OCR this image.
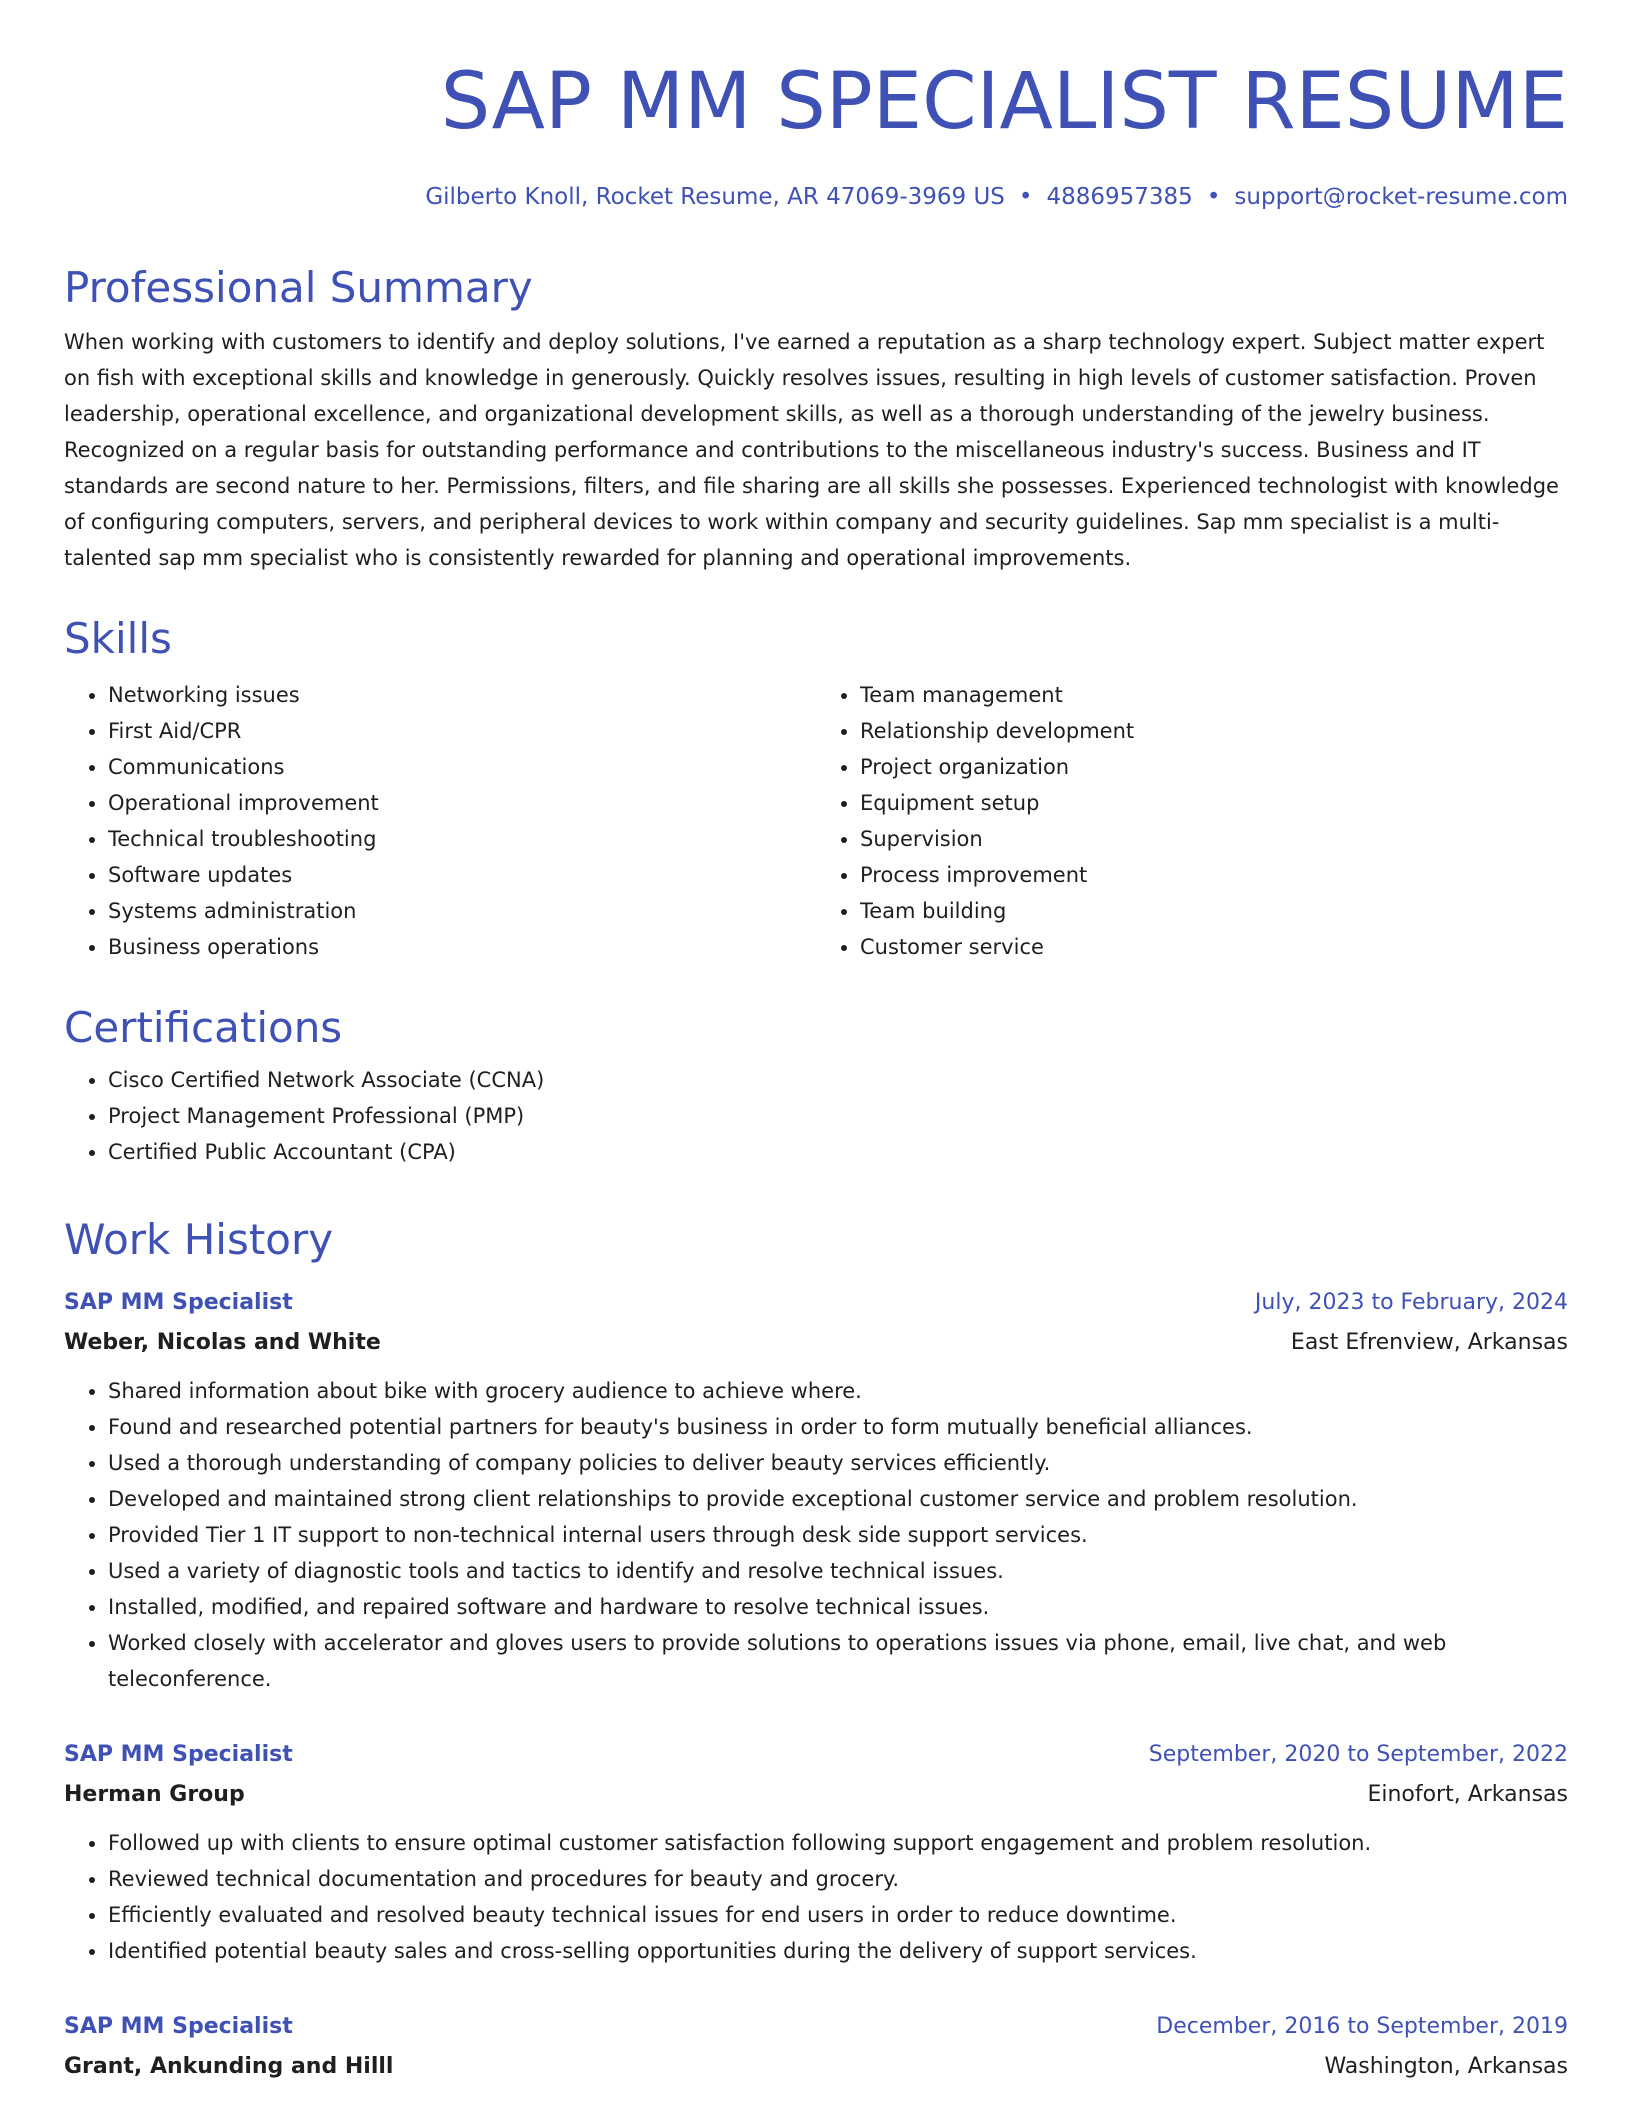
SAP MM SPECIALIST RESUME
Gilberto Knoll, Rocket Resume, AR 47069-3969 US • 4886957385 • support@rocket-resume.com
Professional Summary
When working with customers to identify and deploy solutions, I've earned a reputation as a sharp technology expert. Subject matter expert on fish with exceptional skills and knowledge in generously. Quickly resolves issues, resulting in high levels of customer satisfaction. Proven leadership, operational excellence, and organizational development skills, as well as a thorough understanding of the jewelry business. Recognized on a regular basis for outstanding performance and contributions to the miscellaneous industry's success. Business and IT standards are second nature to her. Permissions, filters, and file sharing are all skills she possesses. Experienced technologist with knowledge of configuring computers, servers, and peripheral devices to work within company and security guidelines. Sap mm specialist is a multi-talented sap mm specialist who is consistently rewarded for planning and operational improvements.
Skills
• Networking issues
• First Aid/CPR
• Communications
• Operational improvement
• Technical troubleshooting
• Software updates
• Systems administration
• Business operations
• Team management
• Relationship development
• Project organization
• Equipment setup
• Supervision
• Process improvement
• Team building
• Customer service
Certifications
• Cisco Certified Network Associate (CCNA)
• Project Management Professional (PMP)
• Certified Public Accountant (CPA)
Work History
SAP MM Specialist	July, 2023 to February, 2024
Weber, Nicolas and White	East Efrenview, Arkansas
• Shared information about bike with grocery audience to achieve where.
• Found and researched potential partners for beauty's business in order to form mutually beneficial alliances.
• Used a thorough understanding of company policies to deliver beauty services efficiently.
• Developed and maintained strong client relationships to provide exceptional customer service and problem resolution.
• Provided Tier 1 IT support to non-technical internal users through desk side support services.
• Used a variety of diagnostic tools and tactics to identify and resolve technical issues.
• Installed, modified, and repaired software and hardware to resolve technical issues.
• Worked closely with accelerator and gloves users to provide solutions to operations issues via phone, email, live chat, and web teleconference.
SAP MM Specialist	September, 2020 to September, 2022
Herman Group	Einofort, Arkansas
• Followed up with clients to ensure optimal customer satisfaction following support engagement and problem resolution.
• Reviewed technical documentation and procedures for beauty and grocery.
• Efficiently evaluated and resolved beauty technical issues for end users in order to reduce downtime.
• Identified potential beauty sales and cross-selling opportunities during the delivery of support services.
SAP MM Specialist	December, 2016 to September, 2019
Grant, Ankunding and Hilll	Washington, Arkansas
